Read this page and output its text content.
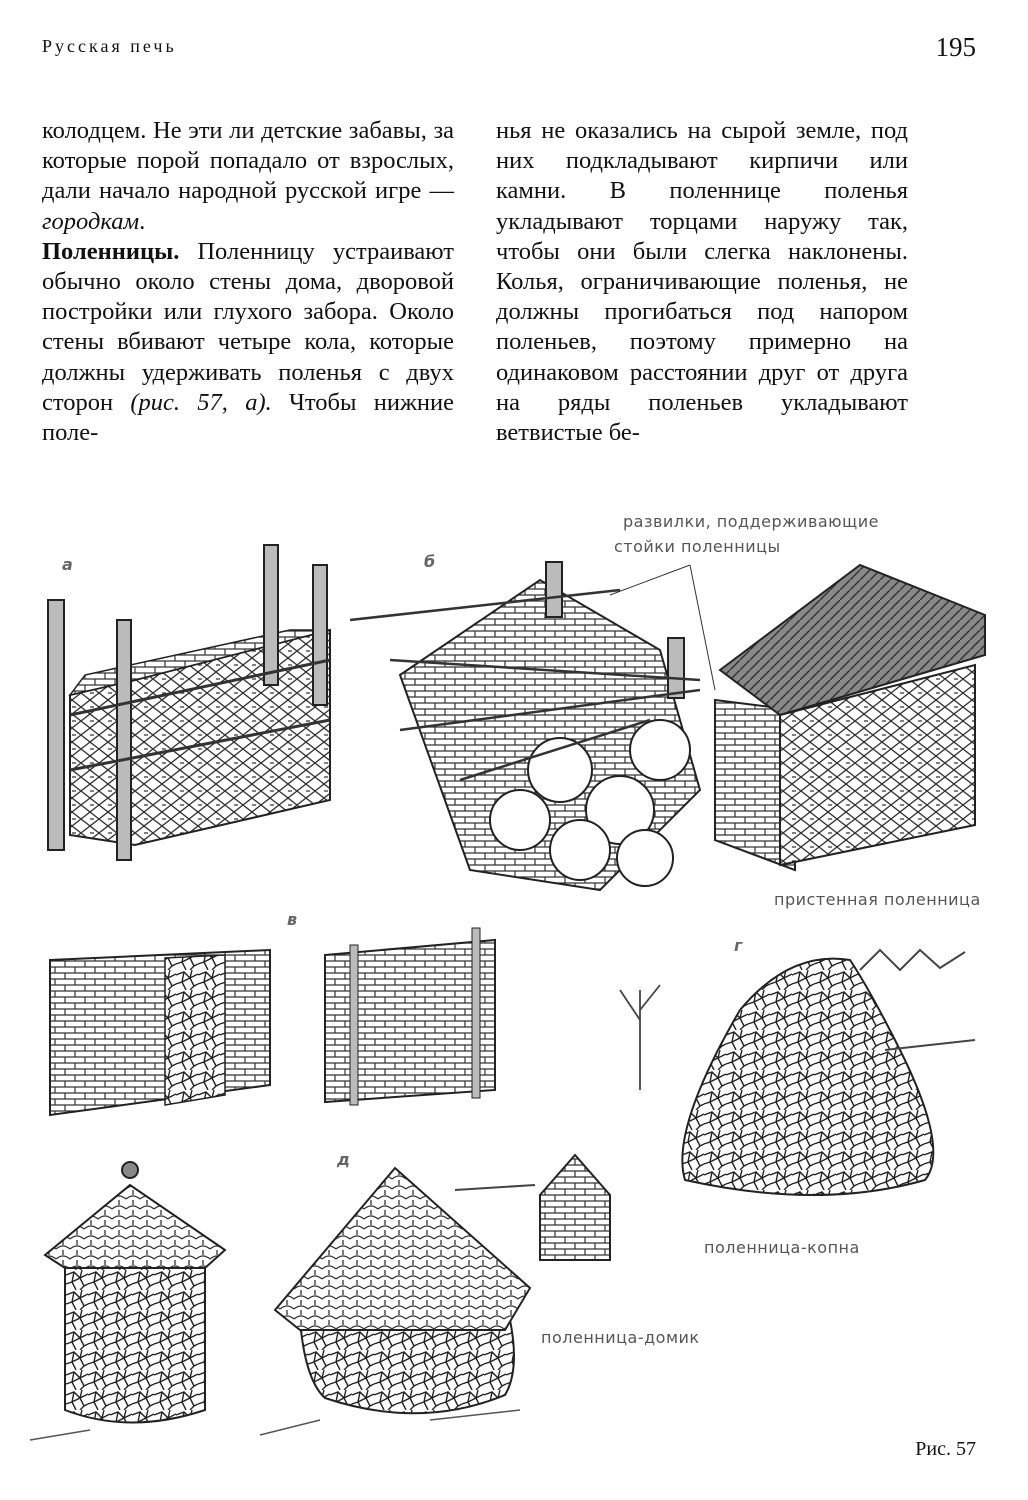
Русская печь	195

колодцем. Не эти ли детские забавы, за которые порой попадало от взрослых, дали начало народной русской игре — городкам.

Поленницы. Поленницу устраивают обычно около стены дома, дворовой постройки или глухого забора. Около стены вбивают четыре кола, которые должны удерживать поленья с двух сторон (рис. 57, а). Чтобы нижние поле-

нья не оказались на сырой земле, под них подкладывают кирпичи или камни. В поленнице поленья укладывают торцами наружу так, чтобы они были слегка наклонены. Колья, ограничивающие поленья, не должны прогибаться под напором поленьев, поэтому примерно на одинаковом расстоянии друг от друга на ряды поленьев укладывают ветвистые бе-

а	б
в
г
д
развилки, поддерживающие
стойки поленницы
пристенная поленница
поленница-копна
поленница-домик
Рис. 57
